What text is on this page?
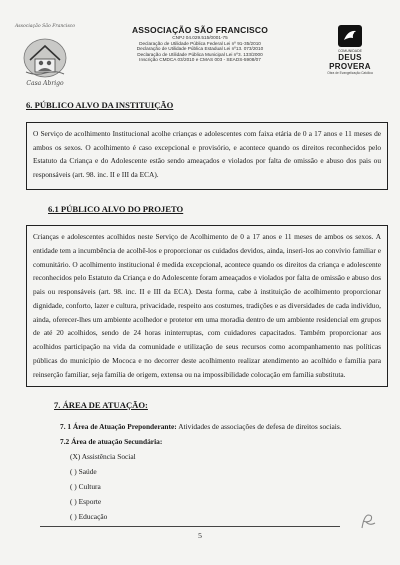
Associação São Francisco
Casa Abrigo
ASSOCIAÇÃO SÃO FRANCISCO
CNPJ 04.029.515/0001-75
Declaração de Utilidade Pública Federal Lei nº 91-35/2010
Declaração de Utilidade Pública Estadual Lei nº13. 073/2010
Declaração de Utilidade Pública Municipal Lei nº3. 133/2000
Inscrição CMDCA 03/2010 e CMAS 003 - SEADS-5908/07
COMUNIDADE
DEUS PROVERA
Obra de Evangelização Católica
6. PÚBLICO ALVO DA INSTITUIÇÃO
O Serviço de acolhimento Institucional acolhe crianças e adolescentes com faixa etária de 0 a 17 anos e 11 meses de ambos os sexos. O acolhimento é caso excepcional e provisório, e acontece quando os direitos reconhecidos pelo Estatuto da Criança e do Adolescente estão sendo ameaçados e violados por falta de omissão e abuso dos pais ou responsáveis (art. 98. inc. II e III da ECA).
6.1 PÚBLICO ALVO DO PROJETO
Crianças e adolescentes acolhidos neste Serviço de Acolhimento de 0 a 17 anos e 11 meses de ambos os sexos. A entidade tem a incumbência de acolhê-los e proporcionar os cuidados devidos, ainda, inseri-los ao convívio familiar e comunitário. O acolhimento institucional é medida excepcional, acontece quando os direitos da criança e adolescente reconhecidos pelo Estatuto da Criança e do Adolescente foram ameaçados e violados por falta de omissão e abuso dos pais ou responsáveis (art. 98. inc. II e III da ECA). Desta forma, cabe à instituição de acolhimento proporcionar dignidade, conforto, lazer e cultura, privacidade, respeito aos costumes, tradições e as diversidades de cada indivíduo, ainda, oferecer-lhes um ambiente acolhedor e protetor em uma moradia dentro de um ambiente residencial em grupos de até 20 acolhidos, sendo de 24 horas ininterruptas, com cuidadores capacitados. Também proporcionar aos acolhidos participação na vida da comunidade e utilização de seus recursos como acompanhamento nas políticas públicas do município de Mococa e no decorrer deste acolhimento realizar atendimento ao acolhido e família para reinserção familiar, seja família de origem, extensa ou na impossibilidade colocação em família substituta.
7. ÁREA DE ATUAÇÃO:
7. 1 Área de Atuação Preponderante: Atividades de associações de defesa de direitos sociais.
7.2 Área de atuação Secundária:
(X) Assistência Social
( ) Saúde
( ) Cultura
( ) Esporte
( ) Educação
5
